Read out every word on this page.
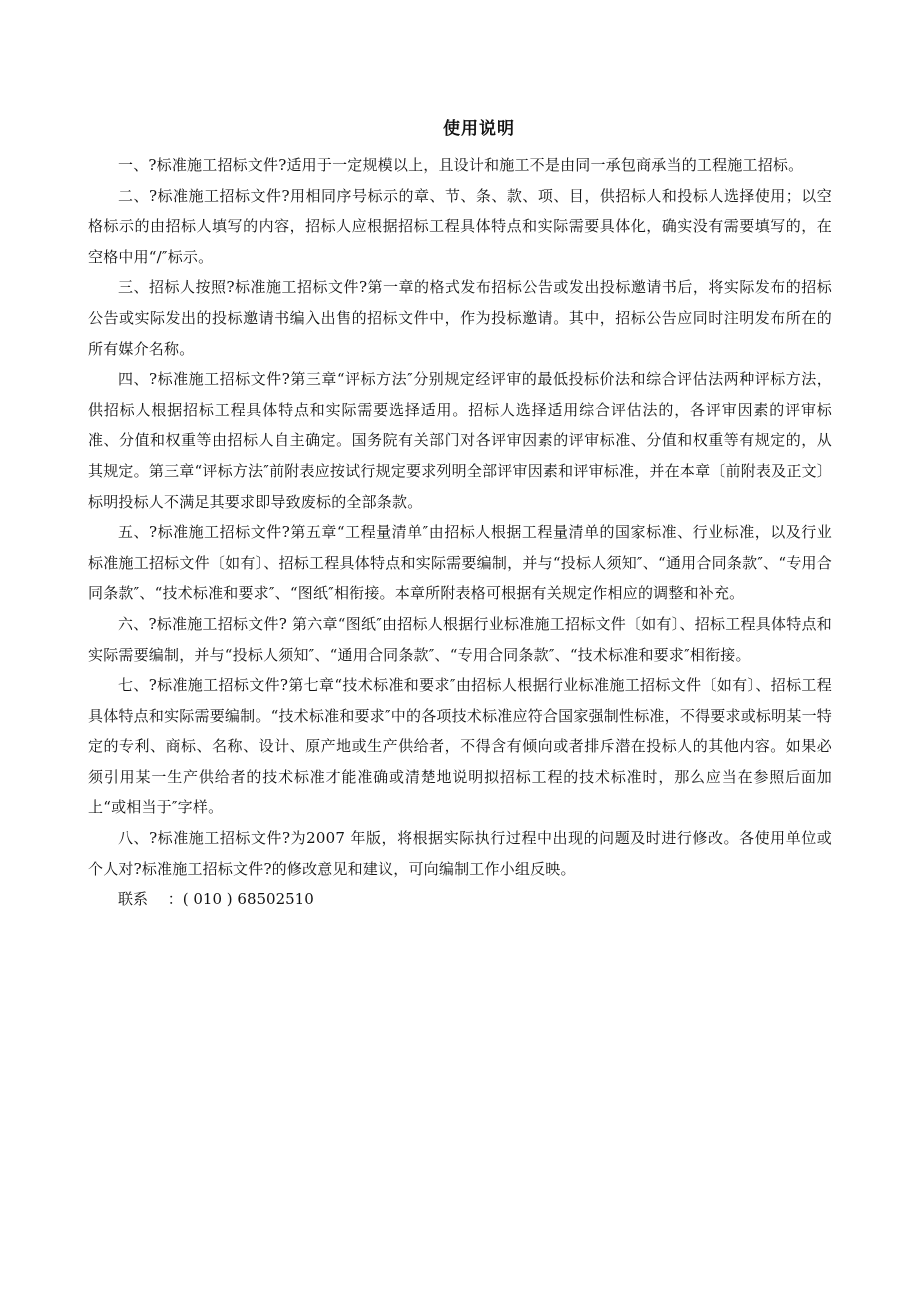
使用说明

一、?标准施工招标文件?适用于一定规模以上，且设计和施工不是由同一承包商承当的工程施工招标。

二、?标准施工招标文件?用相同序号标示的章、节、条、款、项、目，供招标人和投标人选择使用；以空格标示的由招标人填写的内容，招标人应根据招标工程具体特点和实际需要具体化，确实没有需要填写的，在空格中用“/″标示。

三、招标人按照?标准施工招标文件?第一章的格式发布招标公告或发出投标邀请书后，将实际发布的招标公告或实际发出的投标邀请书编入出售的招标文件中，作为投标邀请。其中，招标公告应同时注明发布所在的所有媒介名称。

四、?标准施工招标文件?第三章“评标方法″分别规定经评审的最低投标价法和综合评估法两种评标方法，供招标人根据招标工程具体特点和实际需要选择适用。招标人选择适用综合评估法的，各评审因素的评审标准、分值和权重等由招标人自主确定。国务院有关部门对各评审因素的评审标准、分值和权重等有规定的，从其规定。第三章“评标方法″前附表应按试行规定要求列明全部评审因素和评审标准，并在本章〔前附表及正文〕标明投标人不满足其要求即导致废标的全部条款。

五、?标准施工招标文件?第五章“工程量清单″由招标人根据工程量清单的国家标准、行业标准，以及行业标准施工招标文件〔如有〕、招标工程具体特点和实际需要编制，并与“投标人须知″、“通用合同条款″、“专用合同条款″、“技术标准和要求″、“图纸″相衔接。本章所附表格可根据有关规定作相应的调整和补充。

六、?标准施工招标文件? 第六章“图纸″由招标人根据行业标准施工招标文件〔如有〕、招标工程具体特点和实际需要编制，并与“投标人须知″、“通用合同条款″、“专用合同条款″、“技术标准和要求″相衔接。

七、?标准施工招标文件?第七章“技术标准和要求″由招标人根据行业标准施工招标文件〔如有〕、招标工程具体特点和实际需要编制。“技术标准和要求″中的各项技术标准应符合国家强制性标准，不得要求或标明某一特定的专利、商标、名称、设计、原产地或生产供给者，不得含有倾向或者排斥潜在投标人的其他内容。如果必须引用某一生产供给者的技术标准才能准确或清楚地说明拟招标工程的技术标准时，那么应当在参照后面加上“或相当于″字样。

八、?标准施工招标文件?为2007 年版，将根据实际执行过程中出现的问题及时进行修改。各使用单位或个人对?标准施工招标文件?的修改意见和建议，可向编制工作小组反映。

联系　 ：( 010 ) 68502510
